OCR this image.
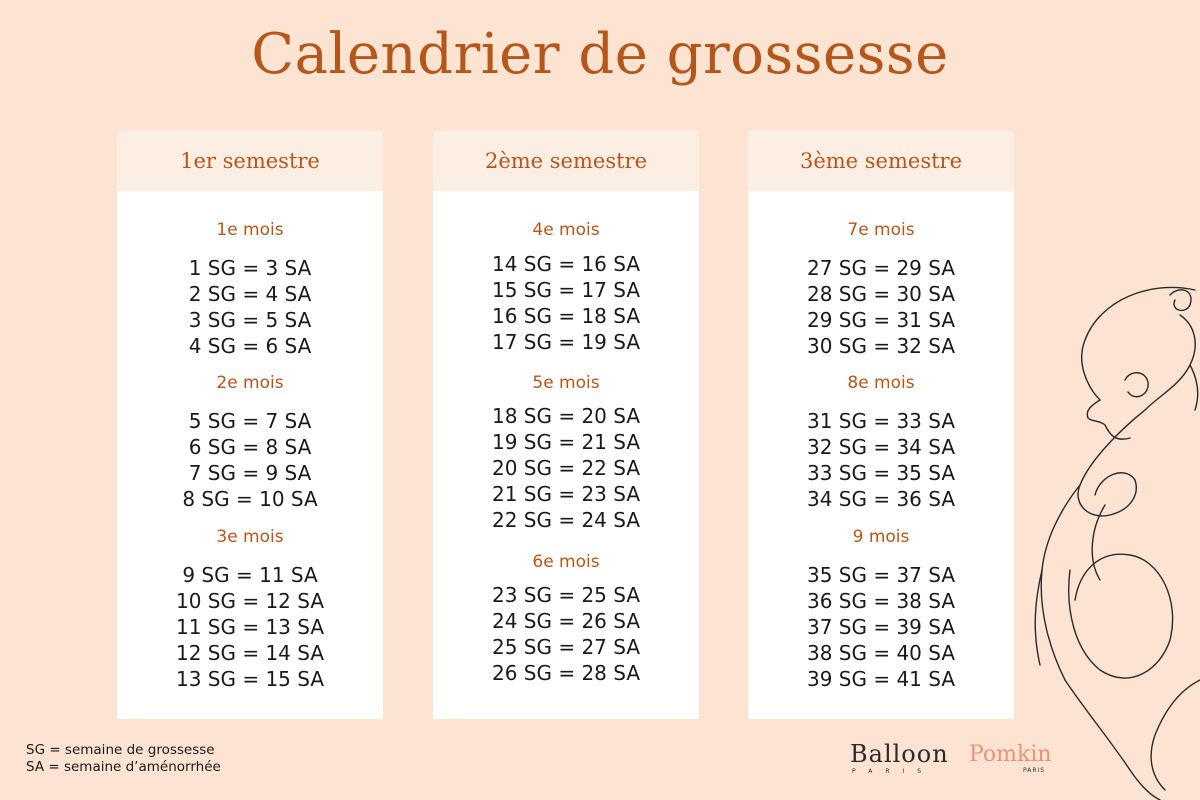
Calendrier de grossesse
1er semestre
1e mois
1 SG = 3 SA
2 SG = 4 SA
3 SG = 5 SA
4 SG = 6 SA
2e mois
5 SG = 7 SA
6 SG = 8 SA
7 SG = 9 SA
8 SG = 10 SA
3e mois
9 SG = 11 SA
10 SG = 12 SA
11 SG = 13 SA
12 SG = 14 SA
13 SG = 15 SA
2ème semestre
4e mois
14 SG = 16 SA
15 SG = 17 SA
16 SG = 18 SA
17 SG = 19 SA
5e mois
18 SG = 20 SA
19 SG = 21 SA
20 SG = 22 SA
21 SG = 23 SA
22 SG = 24 SA
6e mois
23 SG = 25 SA
24 SG = 26 SA
25 SG = 27 SA
26 SG = 28 SA
3ème semestre
7e mois
27 SG = 29 SA
28 SG = 30 SA
29 SG = 31 SA
30 SG = 32 SA
8e mois
31 SG = 33 SA
32 SG = 34 SA
33 SG = 35 SA
34 SG = 36 SA
9 mois
35 SG = 37 SA
36 SG = 38 SA
37 SG = 39 SA
38 SG = 40 SA
39 SG = 41 SA
SG = semaine de grossesse
SA = semaine d’aménorrhée	Balloon
PARIS
Pomkin
PARIS
